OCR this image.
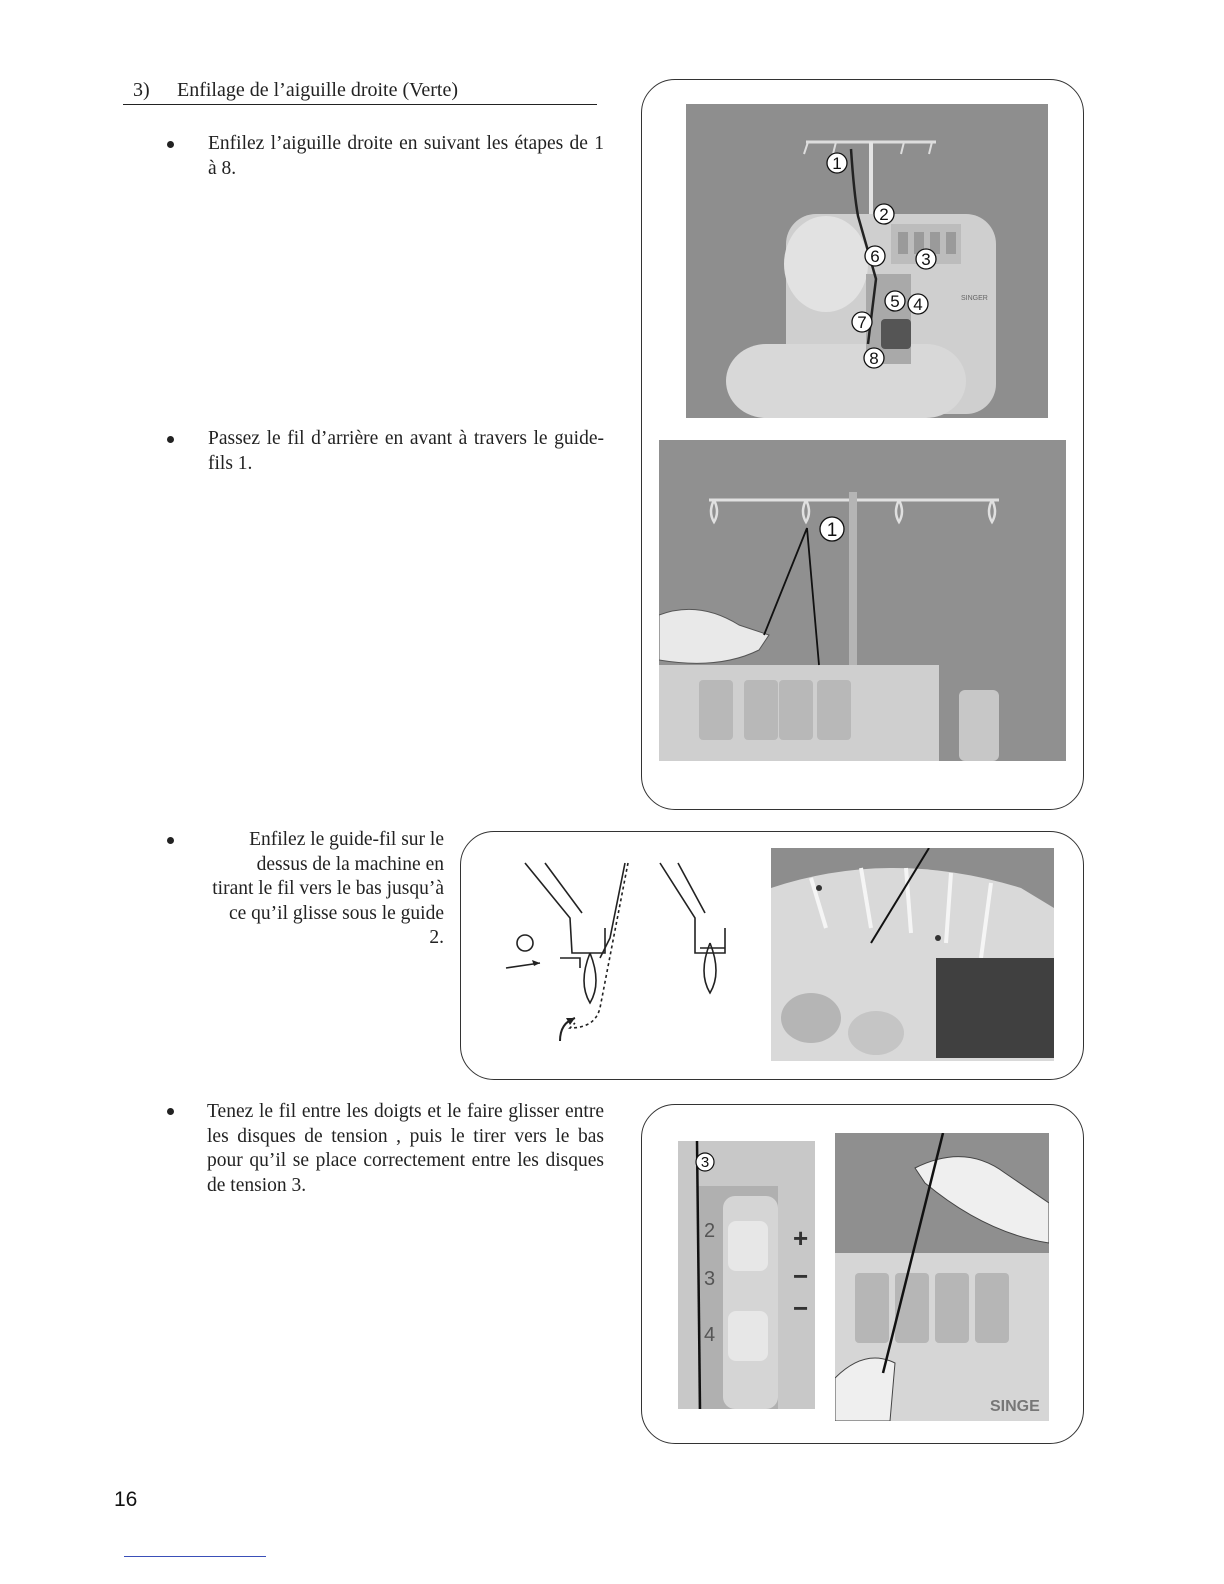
3) Enfilage de l’aiguille droite (Verte)
Enfilez l’aiguille droite en suivant les étapes de 1 à 8.
Passez le fil d’arrière en avant à travers le guide-fils 1.
Enfilez le guide-fil sur le dessus de la machine en tirant le fil vers le bas jusqu’à ce qu’il glisse sous le guide 2.
Tenez le fil entre les doigts et le faire glisser entre les disques de tension , puis le tirer vers le bas pour qu’il se place correctement entre les disques de tension 3.
SINGER
1
2
3
4
5
6
7
8
1
2
3
4
+
−
−
3
SINGE
16
